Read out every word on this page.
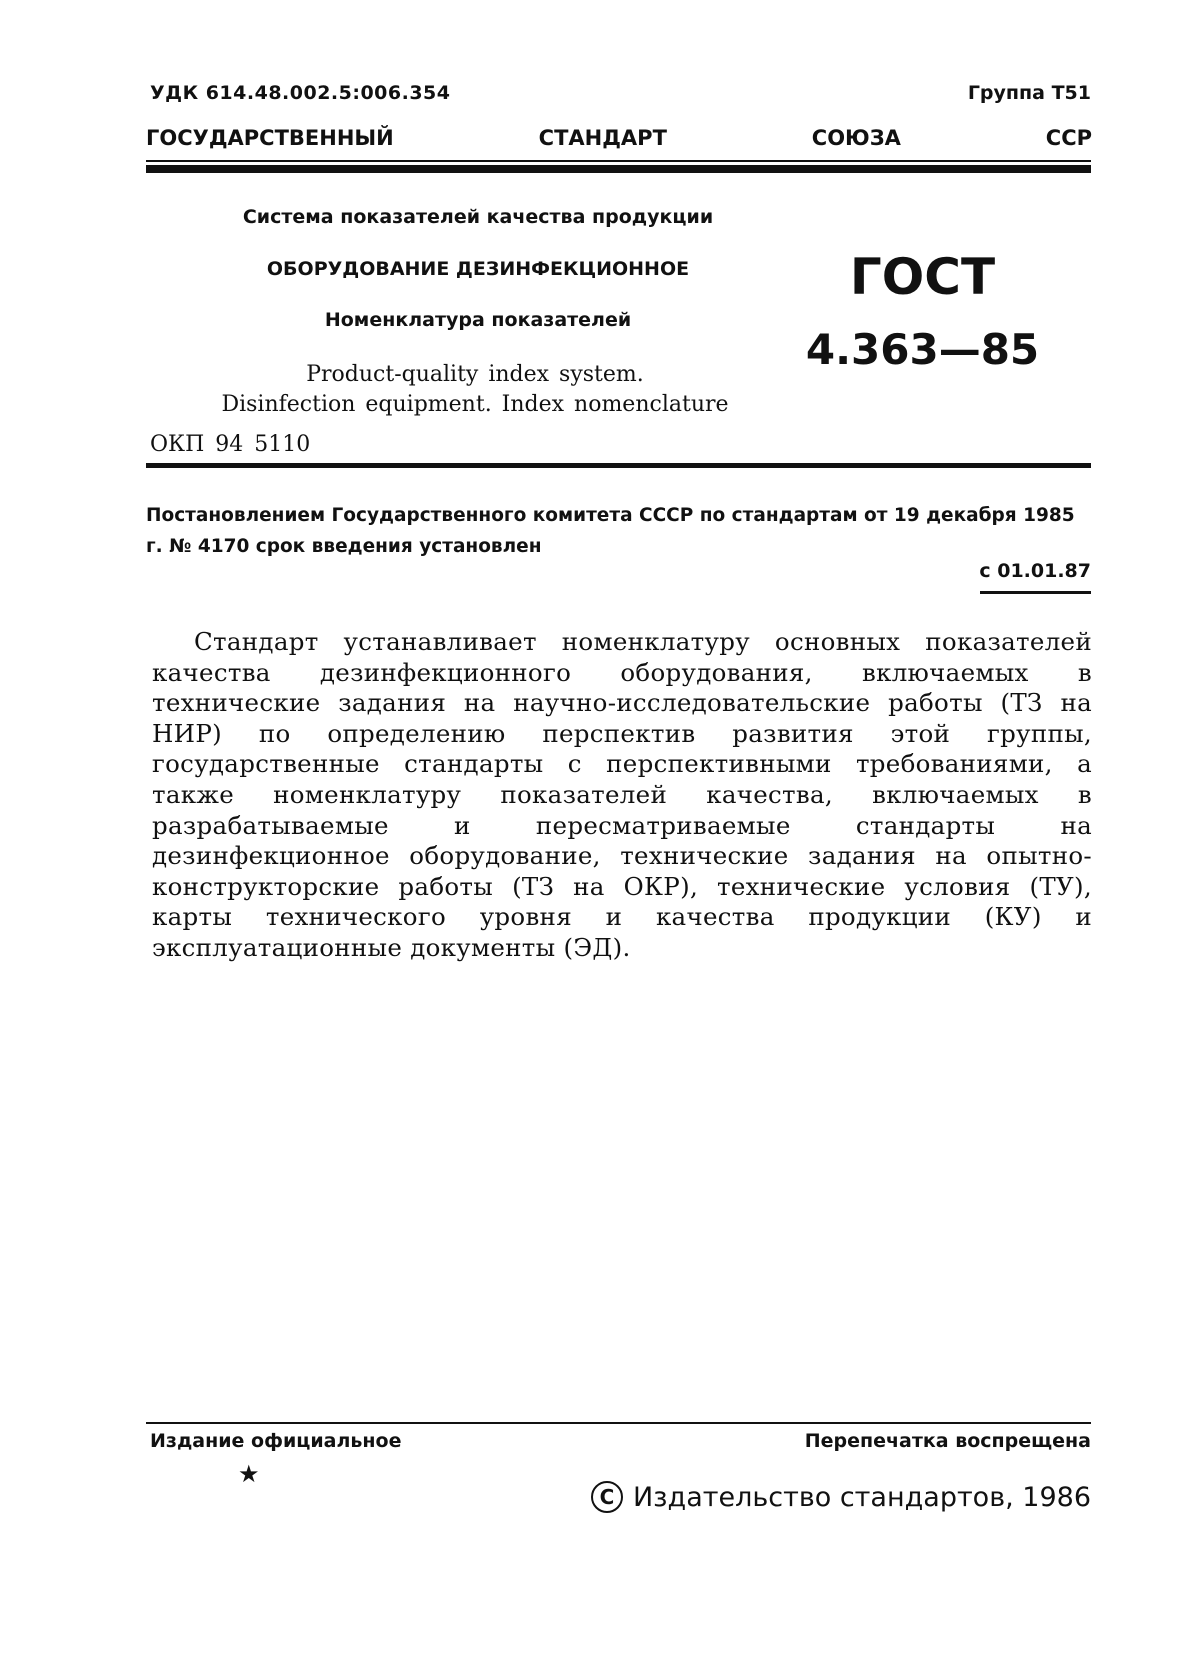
УДК 614.48.002.5:006.354	Группа Т51
ГОСУДАРСТВЕННЫЙ	СТАНДАРТ	СОЮЗА	ССР
Система показателей качества продукции
ОБОРУДОВАНИЕ ДЕЗИНФЕКЦИОННОЕ
Номенклатура показателей
Product-quality index system.
Disinfection equipment. Index nomenclature
ГОСТ
4.363—85
ОКП 94 5110
Постановлением Государственного комитета СССР по стандартам от 19 декабря 1985 г. № 4170 срок введения установлен
с 01.01.87
Стандарт устанавливает номенклатуру основных показателей качества дезинфекционного оборудования, включаемых в технические задания на научно-исследовательские работы (ТЗ на НИР) по определению перспектив развития этой группы, государственные стандарты с перспективными требованиями, а также номенклатуру показателей качества, включаемых в разрабатываемые и пересматриваемые стандарты на дезинфекционное оборудование, технические задания на опытно-конструкторские работы (ТЗ на ОКР), технические условия (ТУ), карты технического уровня и качества продукции (КУ) и эксплуатационные документы (ЭД).
Издание официальное
★
Перепечатка воспрещена
С Издательство стандартов, 1986
